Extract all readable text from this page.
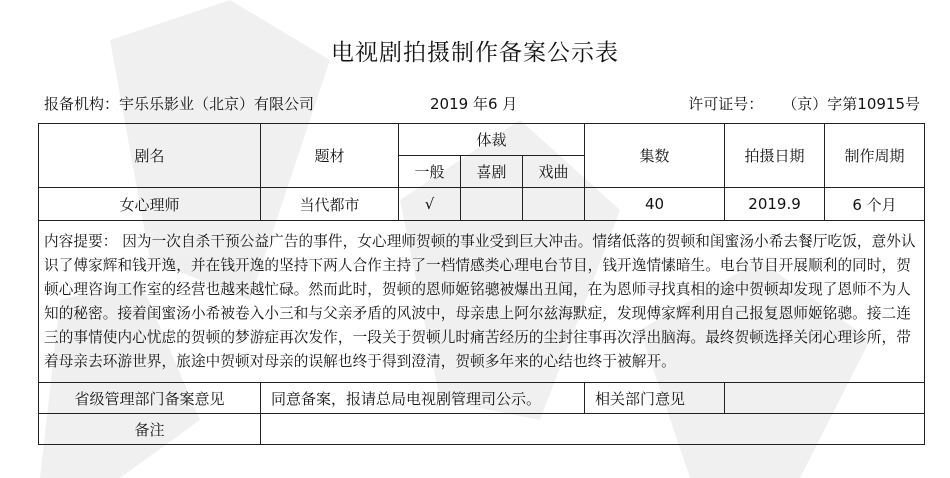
电视剧拍摄制作备案公示表
报备机构：宇乐乐影业（北京）有限公司	2019 年6 月	许可证号： （京）字第10915号
剧名	题材	体裁			集数	拍摄日期	制作周期
		一般	喜剧	戏曲			
女心理师	当代都市	√			40	2019.9	6 个月
内容提要： 因为一次自杀干预公益广告的事件，女心理师贺顿的事业受到巨大冲击。情绪低落的贺顿和闺蜜汤小希去餐厅吃饭，意外认识了傅家辉和钱开逸，并在钱开逸的坚持下两人合作主持了一档情感类心理电台节目，钱开逸情愫暗生。电台节目开展顺利的同时，贺顿心理咨询工作室的经营也越来越忙碌。然而此时，贺顿的恩师姬铭骢被爆出丑闻，在为恩师寻找真相的途中贺顿却发现了恩师不为人知的秘密。接着闺蜜汤小希被卷入小三和与父亲矛盾的风波中，母亲患上阿尔兹海默症，发现傅家辉利用自己报复恩师姬铭骢。接二连三的事情使内心忧虑的贺顿的梦游症再次发作，一段关于贺顿儿时痛苦经历的尘封往事再次浮出脑海。最终贺顿选择关闭心理诊所，带着母亲去环游世界，旅途中贺顿对母亲的误解也终于得到澄清，贺顿多年来的心结也终于被解开。							
省级管理部门备案意见	同意备案，报请总局电视剧管理司公示。				相关部门意见		
备注							
